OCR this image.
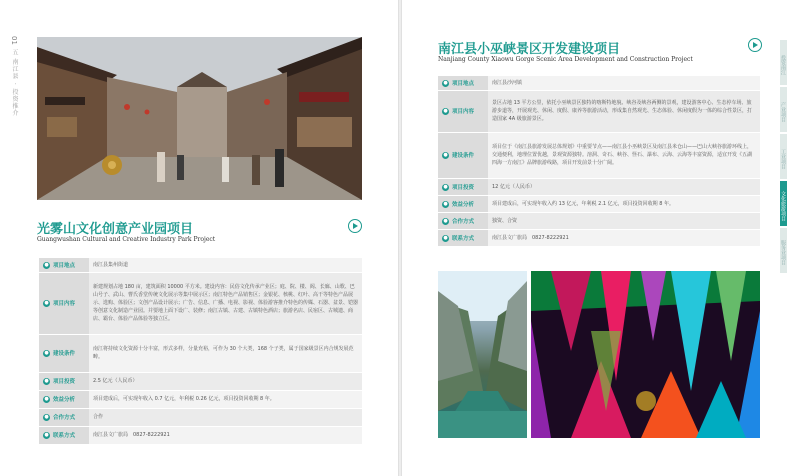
01
五 南江县 · 投资推介
光雾山文化创意产业园项目
Guangwushan Cultural and Creative Industry Park Project
● 项目地点	南江县集州街道
● 项目内容	新建规划占地 180 亩，建筑面积 10000 平方米。建设内容：民俗文化传承产业区；庭、院、楼、阁、长廊、山歌、巴山号子、武山、曹氏香堂传统文化展示等集中展示区；南江特色产品销售区；金银花、核桃、红叶、高干等特色产品展示、选购、体验区；文创产品设计展示；广告、信息、广播、电视、影视、体验游客推介特色的传媒、石器、盆景、铠器等创意文化制造产业园。并要地上面下设广、装修；南江古镇、古建、古镇特色酒店；旅游名店、民宿区、古城遗、商店、霸台、体验产品体验等独立区。
● 建设条件	南江将持续文化资源十分丰富，形式多样，分量充裕，可作为 30 个大类，168 个子类，属于国家级景区内合规发展范畴。
● 项目投资	2.5 亿元（人民币）
● 效益分析	项目建成后，可实现年收入 0.7 亿元，年利税 0.26 亿元，项目投资回收期 8 年。
● 合作方式	合作
● 联系方式	南江县文广旅局　0827-8222921
南江县小巫峡景区开发建设项目
Nanjiang County Xiaowu Gorge Scenic Area Development and Construction Project
● 项目地点	南江县沙河镇
● 项目内容	景区占地 13 平方公里，依托小巫峡景区独特的喀斯特地貌、峡谷及峡谷两侧的景观，建设游客中心、生态停车场、旅游步道等，开展观光、休闲、度假、康养等旅游活动，形成集自然观光、生态体验、休闲度假为一体的综合性景区，打造国家 4A 级旅游景区。
● 建设条件	项目位于《南江县旅游发展总体规划》中重要节点——南江县小巫峡景区及南江县米仓山——巴山大峡谷旅游环线上，交通便利，地理位置优越，景观资源独特。溶洞、奇石、峡谷、怪石、瀑布、云海、云海等丰富资源，适宜开发《五湖四海一方南江》品牌旅游线路，项目开发前景十分广阔。
● 项目投资	12 亿元（人民币）
● 效益分析	项目建成后，可实现年收入约 13 亿元，年利税 2.1 亿元，项目投资回收期 8 年。
● 合作方式	独资、合资
● 联系方式	南江县文广旅局　0827-8222921
投资南江
产业项目
工业项目
文化旅游项目
服务业项目
